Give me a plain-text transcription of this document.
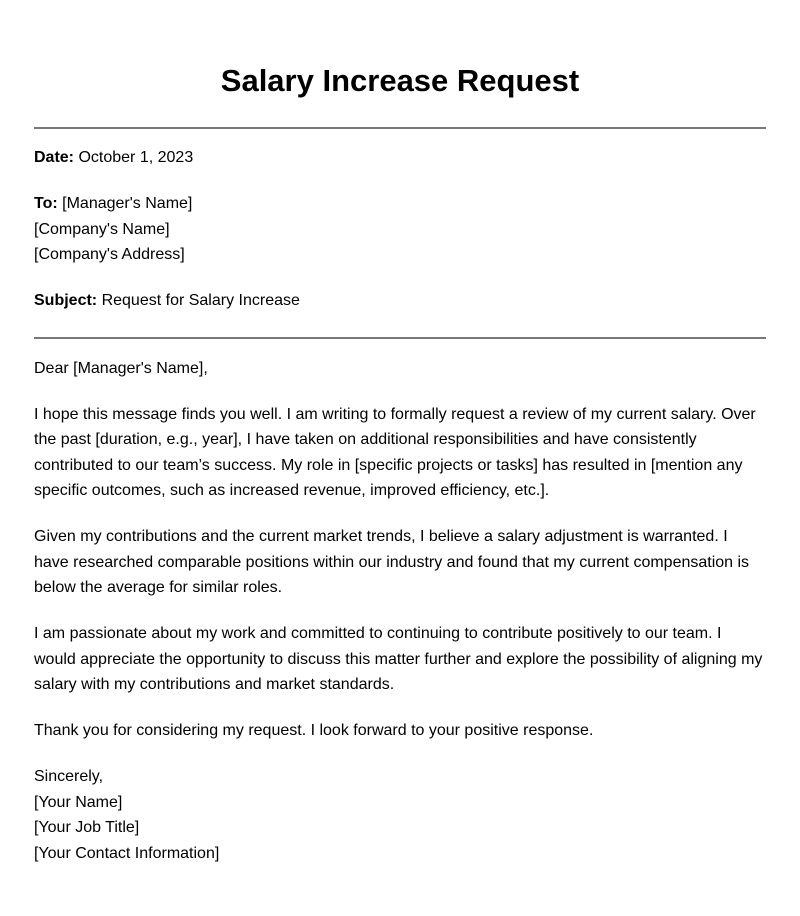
Salary Increase Request

Date: October 1, 2023

To: [Manager's Name]

[Company's Name]

[Company's Address]

Subject: Request for Salary Increase

Dear [Manager's Name],

I hope this message finds you well. I am writing to formally request a review of my current salary. Over the past [duration, e.g., year], I have taken on additional responsibilities and have consistently contributed to our team’s success. My role in [specific projects or tasks] has resulted in [mention any specific outcomes, such as increased revenue, improved efficiency, etc.].

Given my contributions and the current market trends, I believe a salary adjustment is warranted. I have researched comparable positions within our industry and found that my current compensation is below the average for similar roles.

I am passionate about my work and committed to continuing to contribute positively to our team. I would appreciate the opportunity to discuss this matter further and explore the possibility of aligning my salary with my contributions and market standards.

Thank you for considering my request. I look forward to your positive response.

Sincerely,

[Your Name]

[Your Job Title]

[Your Contact Information]
